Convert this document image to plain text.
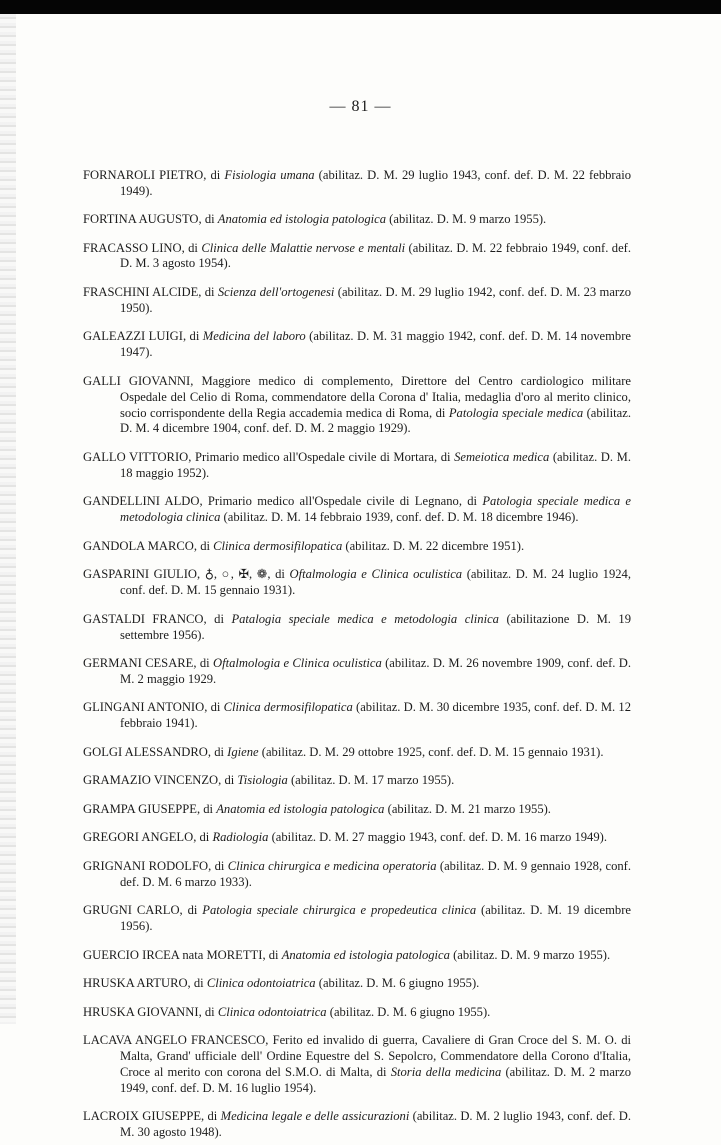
— 81 —

FORNAROLI PIETRO, di Fisiologia umana (abilitaz. D. M. 29 luglio 1943, conf. def. D. M. 22 febbraio 1949).

FORTINA AUGUSTO, di Anatomia ed istologia patologica (abilitaz. D. M. 9 marzo 1955).

FRACASSO LINO, di Clinica delle Malattie nervose e mentali (abilitaz. D. M. 22 febbraio 1949, conf. def. D. M. 3 agosto 1954).

FRASCHINI ALCIDE, di Scienza dell'ortogenesi (abilitaz. D. M. 29 luglio 1942, conf. def. D. M. 23 marzo 1950).

GALEAZZI LUIGI, di Medicina del laboro (abilitaz. D. M. 31 maggio 1942, conf. def. D. M. 14 novembre 1947).

GALLI GIOVANNI, Maggiore medico di complemento, Direttore del Centro cardiologico militare Ospedale del Celio di Roma, commendatore della Corona d' Italia, medaglia d'oro al merito clinico, socio corrispondente della Regia accademia medica di Roma, di Patologia speciale medica (abilitaz. D. M. 4 dicembre 1904, conf. def. D. M. 2 maggio 1929).

GALLO VITTORIO, Primario medico all'Ospedale civile di Mortara, di Semeiotica medica (abilitaz. D. M. 18 maggio 1952).

GANDELLINI ALDO, Primario medico all'Ospedale civile di Legnano, di Patologia speciale medica e metodologia clinica (abilitaz. D. M. 14 febbraio 1939, conf. def. D. M. 18 dicembre 1946).

GANDOLA MARCO, di Clinica dermosifilopatica (abilitaz. D. M. 22 dicembre 1951).

GASPARINI GIULIO, ♁, ○, ✠, ❁, di Oftalmologia e Clinica oculistica (abilitaz. D. M. 24 luglio 1924, conf. def. D. M. 15 gennaio 1931).

GASTALDI FRANCO, di Patalogia speciale medica e metodologia clinica (abilitazione D. M. 19 settembre 1956).

GERMANI CESARE, di Oftalmologia e Clinica oculistica (abilitaz. D. M. 26 novembre 1909, conf. def. D. M. 2 maggio 1929.

GLINGANI ANTONIO, di Clinica dermosifilopatica (abilitaz. D. M. 30 dicembre 1935, conf. def. D. M. 12 febbraio 1941).

GOLGI ALESSANDRO, di Igiene (abilitaz. D. M. 29 ottobre 1925, conf. def. D. M. 15 gennaio 1931).

GRAMAZIO VINCENZO, di Tisiologia (abilitaz. D. M. 17 marzo 1955).

GRAMPA GIUSEPPE, di Anatomia ed istologia patologica (abilitaz. D. M. 21 marzo 1955).

GREGORI ANGELO, di Radiologia (abilitaz. D. M. 27 maggio 1943, conf. def. D. M. 16 marzo 1949).

GRIGNANI RODOLFO, di Clinica chirurgica e medicina operatoria (abilitaz. D. M. 9 gennaio 1928, conf. def. D. M. 6 marzo 1933).

GRUGNI CARLO, di Patologia speciale chirurgica e propedeutica clinica (abilitaz. D. M. 19 dicembre 1956).

GUERCIO IRCEA nata MORETTI, di Anatomia ed istologia patologica (abilitaz. D. M. 9 marzo 1955).

HRUSKA ARTURO, di Clinica odontoiatrica (abilitaz. D. M. 6 giugno 1955).

HRUSKA GIOVANNI, di Clinica odontoiatrica (abilitaz. D. M. 6 giugno 1955).

LACAVA ANGELO FRANCESCO, Ferito ed invalido di guerra, Cavaliere di Gran Croce del S. M. O. di Malta, Grand' ufficiale dell' Ordine Equestre del S. Sepolcro, Commendatore della Corono d'Italia, Croce al merito con corona del S.M.O. di Malta, di Storia della medicina (abilitaz. D. M. 2 marzo 1949, conf. def. D. M. 16 luglio 1954).

LACROIX GIUSEPPE, di Medicina legale e delle assicurazioni (abilitaz. D. M. 2 luglio 1943, conf. def. D. M. 30 agosto 1948).
